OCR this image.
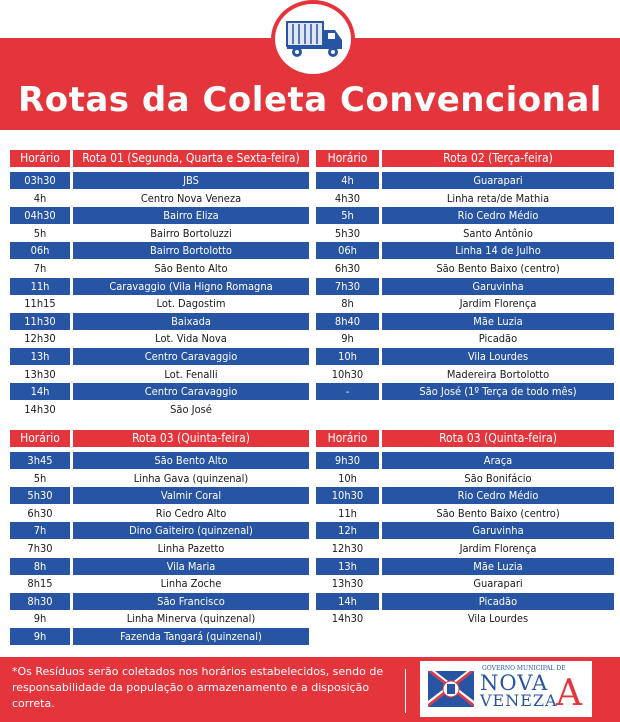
Rotas da Coleta Convencional
Horário	Rota 01 (Segunda, Quarta e Sexta-feira)
03h30	JBS
4h	Centro Nova Veneza
04h30	Bairro Eliza
5h	Bairro Bortoluzzi
06h	Bairro Bortolotto
7h	São Bento Alto
11h	Caravaggio (Vila Higno Romagna
11h15	Lot. Dagostim
11h30	Baixada
12h30	Lot. Vida Nova
13h	Centro Caravaggio
13h30	Lot. Fenalli
14h	Centro Caravaggio
14h30	São José
Horário	Rota 02 (Terça-feira)
4h	Guarapari
4h30	Linha reta/de Mathia
5h	Rio Cedro Médio
5h30	Santo Antônio
06h	Linha 14 de Julho
6h30	São Bento Baixo (centro)
7h30	Garuvinha
8h	Jardim Florença
8h40	Mãe Luzia
9h	Picadão
10h	Vila Lourdes
10h30	Madereira Bortolotto
-	São José (1º Terça de todo mês)
Horário	Rota 03 (Quinta-feira)
3h45	São Bento Alto
5h	Linha Gava (quinzenal)
5h30	Valmir Coral
6h30	Rio Cedro Alto
7h	Dino Gaiteiro (quinzenal)
7h30	Linha Pazetto
8h	Vila Maria
8h15	Linha Zoche
8h30	São Francisco
9h	Linha Minerva (quinzenal)
9h	Fazenda Tangará (quinzenal)
Horário	Rota 03 (Quinta-feira)
9h30	Araça
10h	São Bonifácio
10h30	Rio Cedro Médio
11h	São Bento Baixo (centro)
12h	Garuvinha
12h30	Jardim Florença
13h	Mãe Luzia
13h30	Guarapari
14h	Picadão
14h30	Vila Lourdes
*Os Resíduos serão coletados nos horários estabelecidos, sendo de responsabilidade da população o armazenamento e a disposição correta.
GOVERNO MUNICIPAL DE
NOVA
VENEZA
A
